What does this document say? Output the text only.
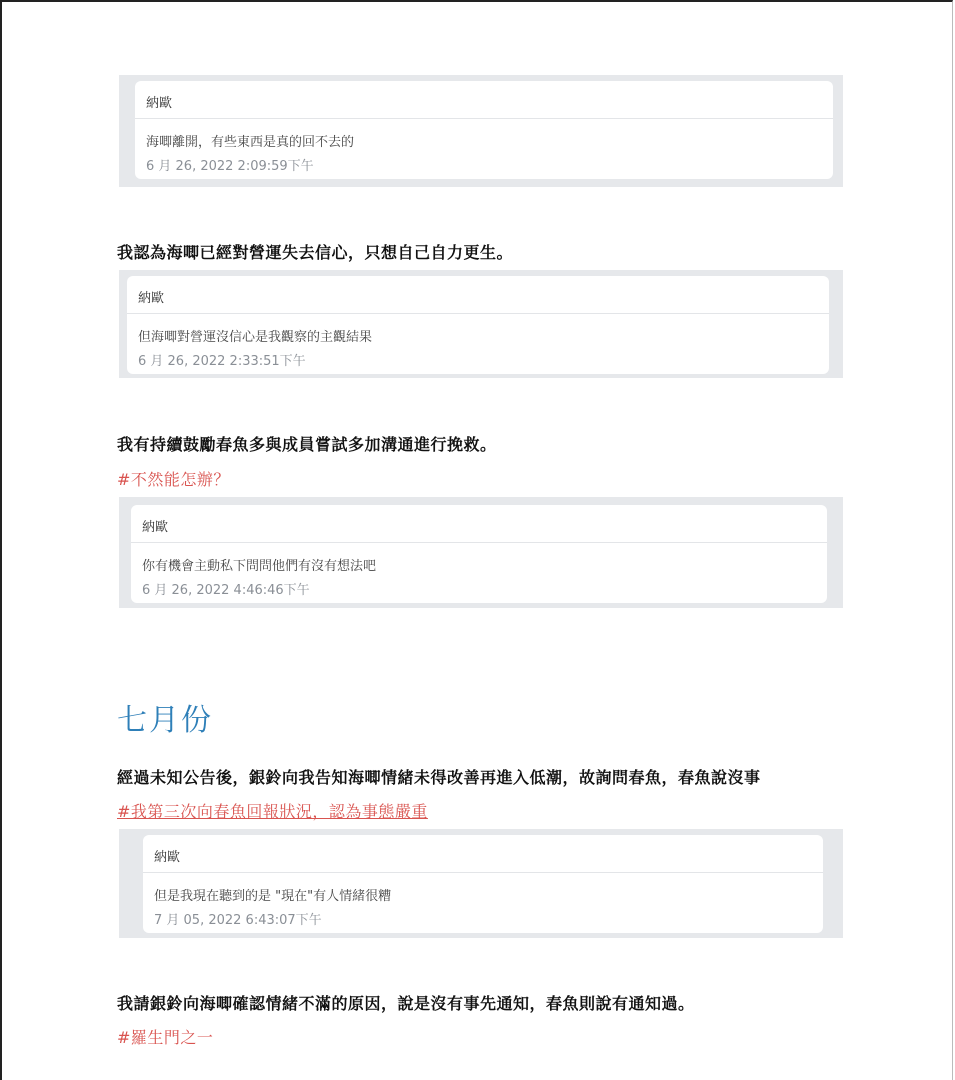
納歐
海唧離開，有些東西是真的回不去的
6 月 26, 2022 2:09:59下午
我認為海唧已經對營運失去信心，只想自己自力更生。
納歐
但海唧對營運沒信心是我觀察的主觀結果
6 月 26, 2022 2:33:51下午
我有持續鼓勵春魚多與成員嘗試多加溝通進行挽救。
#不然能怎辦？
納歐
你有機會主動私下問問他們有沒有想法吧
6 月 26, 2022 4:46:46下午
七月份
經過未知公告後，銀鈴向我告知海唧情緒未得改善再進入低潮，故詢問春魚，春魚說沒事
#我第三次向春魚回報狀況，認為事態嚴重
納歐
但是我現在聽到的是 "現在"有人情緒很糟
7 月 05, 2022 6:43:07下午
我請銀鈴向海唧確認情緒不滿的原因，說是沒有事先通知，春魚則說有通知過。
#羅生門之一
